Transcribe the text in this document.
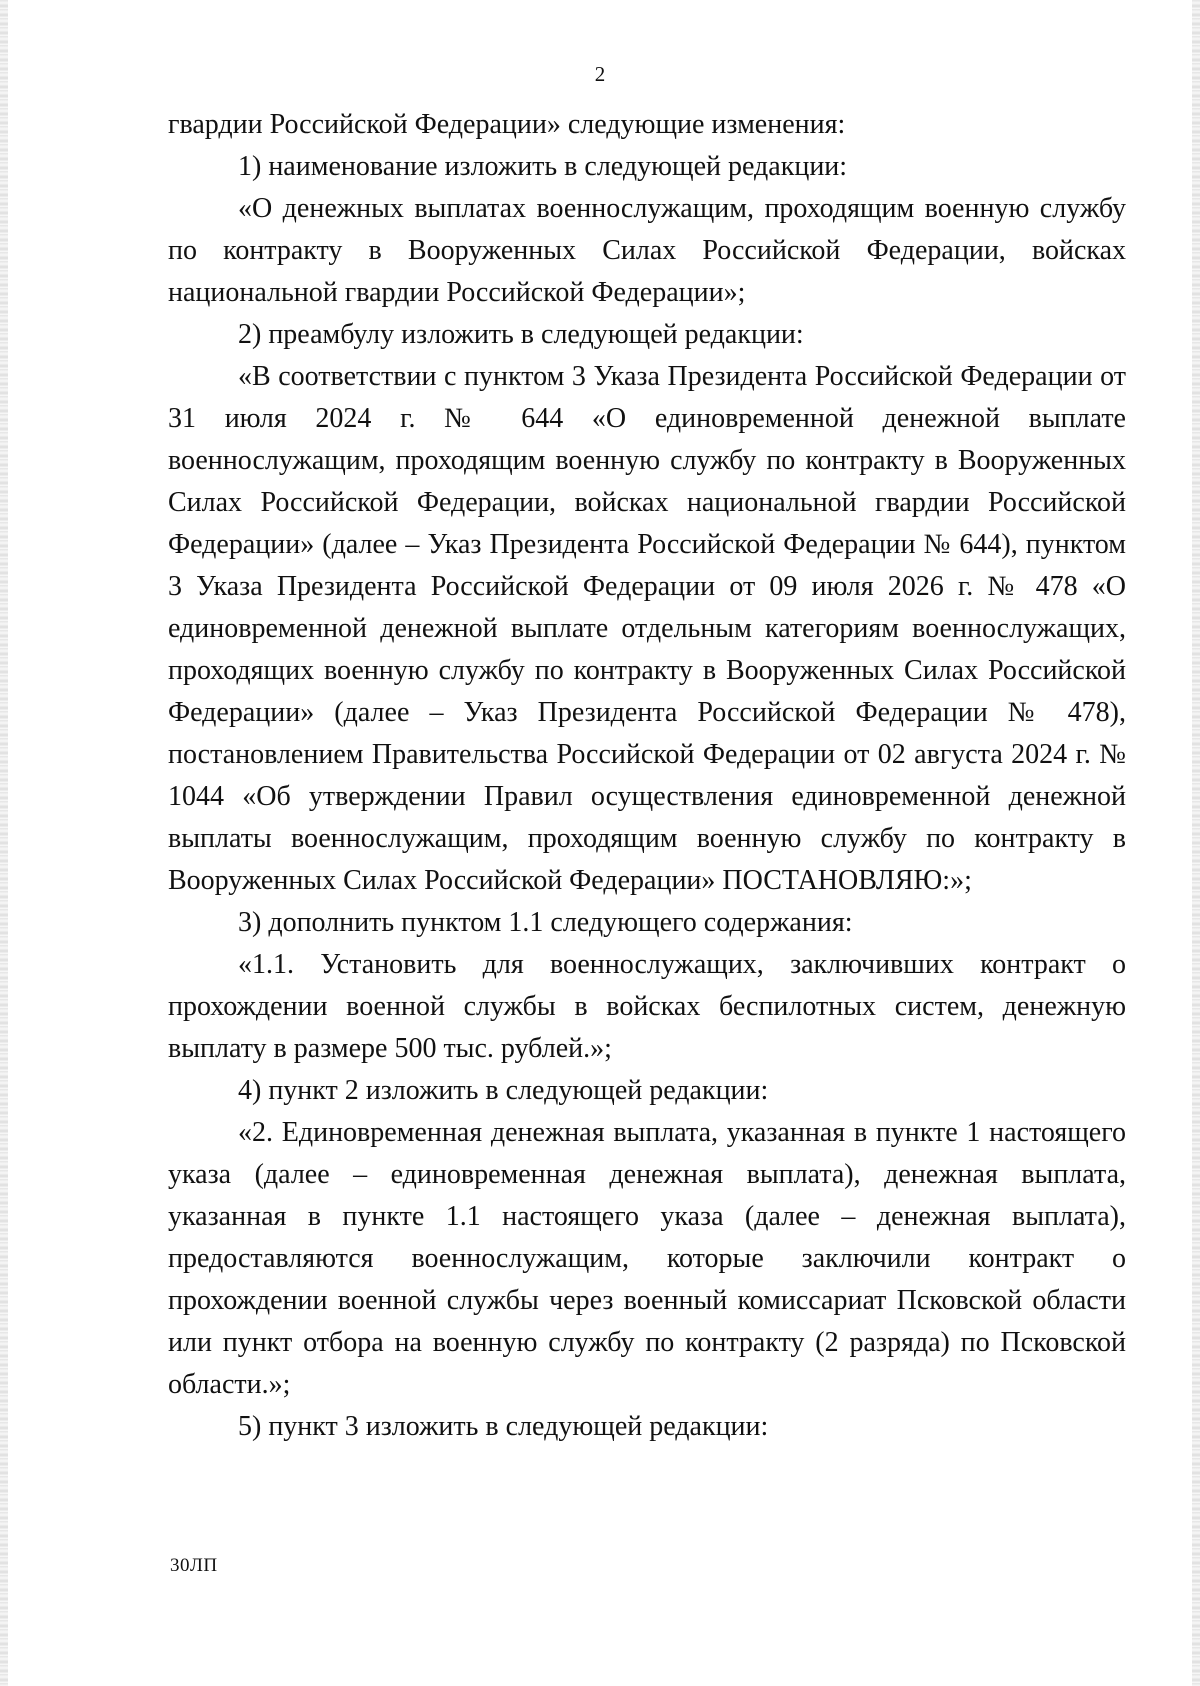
2

гвардии Российской Федерации» следующие изменения:

1) наименование изложить в следующей редакции:

«О денежных выплатах военнослужащим, проходящим военную службу по контракту в Вооруженных Силах Российской Федерации, войсках национальной гвардии Российской Федерации»;

2) преамбулу изложить в следующей редакции:

«В соответствии с пунктом 3 Указа Президента Российской Федерации от 31 июля 2024 г. № 644 «О единовременной денежной выплате военнослужащим, проходящим военную службу по контракту в Вооруженных Силах Российской Федерации, войсках национальной гвардии Российской Федерации» (далее – Указ Президента Российской Федерации № 644), пунктом 3 Указа Президента Российской Федерации от 09 июля 2026 г. № 478 «О единовременной денежной выплате отдельным категориям военнослужащих, проходящих военную службу по контракту в Вооруженных Силах Российской Федерации» (далее – Указ Президента Российской Федерации № 478), постановлением Правительства Российской Федерации от 02 августа 2024 г. № 1044 «Об утверждении Правил осуществления единовременной денежной выплаты военнослужащим, проходящим военную службу по контракту в Вооруженных Силах Российской Федерации» ПОСТАНОВЛЯЮ:»;

3) дополнить пунктом 1.1 следующего содержания:

«1.1. Установить для военнослужащих, заключивших контракт о прохождении военной службы в войсках беспилотных систем, денежную выплату в размере 500 тыс. рублей.»;

4) пункт 2 изложить в следующей редакции:

«2. Единовременная денежная выплата, указанная в пункте 1 настоящего указа (далее – единовременная денежная выплата), денежная выплата, указанная в пункте 1.1 настоящего указа (далее – денежная выплата), предоставляются военнослужащим, которые заключили контракт о прохождении военной службы через военный комиссариат Псковской области или пункт отбора на военную службу по контракту (2 разряда) по Псковской области.»;

5) пункт 3 изложить в следующей редакции:

30ЛП
